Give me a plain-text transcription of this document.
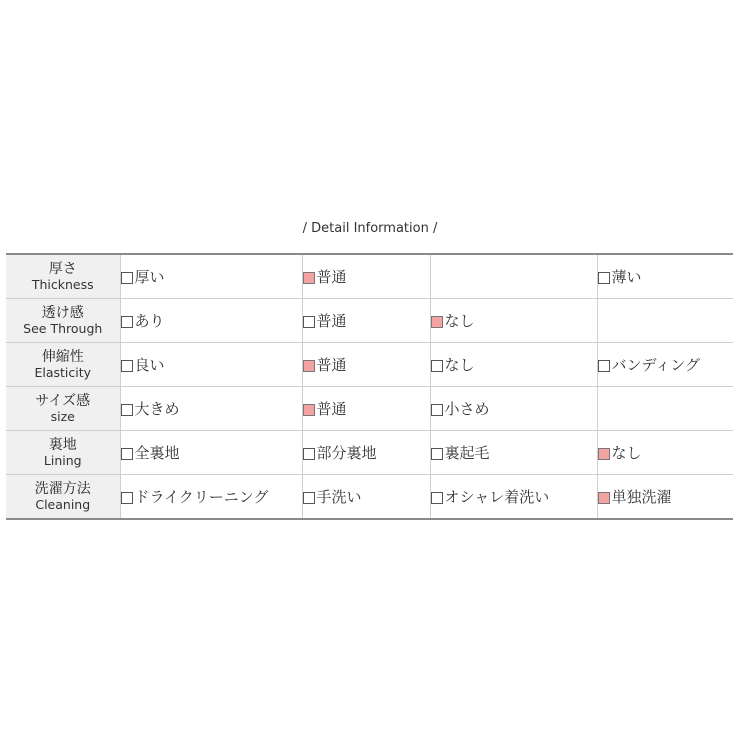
/ Detail Information /
厚さ
Thickness	厚い	普通		薄い

透け感
See Through	あり	普通	なし	

伸縮性
Elasticity	良い	普通	なし	バンディング

サイズ感
size	大きめ	普通	小さめ	

裏地
Lining	全裏地	部分裏地	裏起毛	なし

洗濯方法
Cleaning	ドライクリーニング	手洗い	オシャレ着洗い	単独洗濯
